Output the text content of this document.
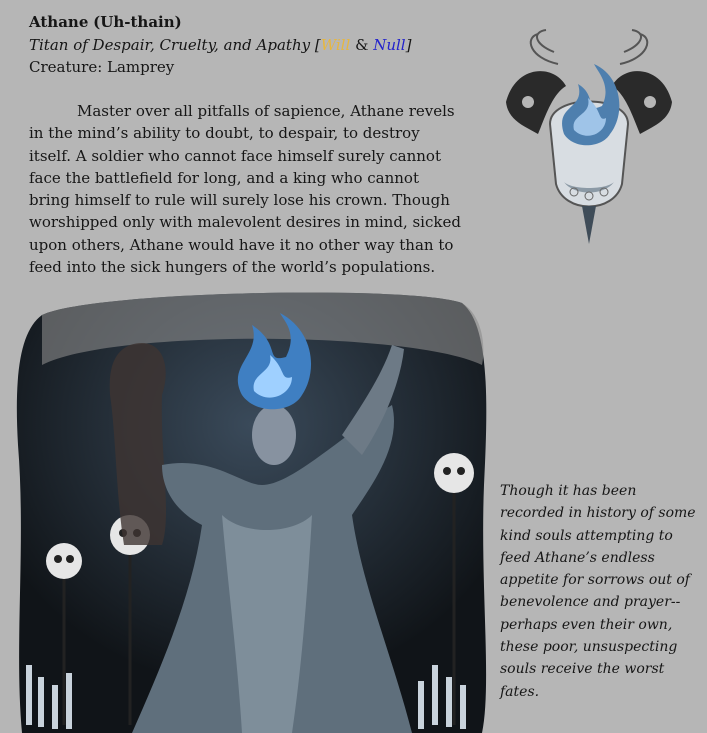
Athane (Uh-thain)
Titan of Despair, Cruelty, and Apathy [Will & Null]
Creature: Lamprey

Master over all pitfalls of sapience, Athane revels in the mind’s ability to doubt, to despair, to destroy itself. A soldier who cannot face himself surely cannot face the battlefield for long, and a king who cannot bring himself to rule will surely lose his crown. Though worshipped only with malevolent desires in mind, sicked upon others, Athane would have it no other way than to feed into the sick hungers of the world’s populations.

Though it has been recorded in history of some kind souls attempting to feed Athane’s endless appetite for sorrows out of benevolence and prayer-- perhaps even their own, these poor, unsuspecting souls receive the worst fates.
